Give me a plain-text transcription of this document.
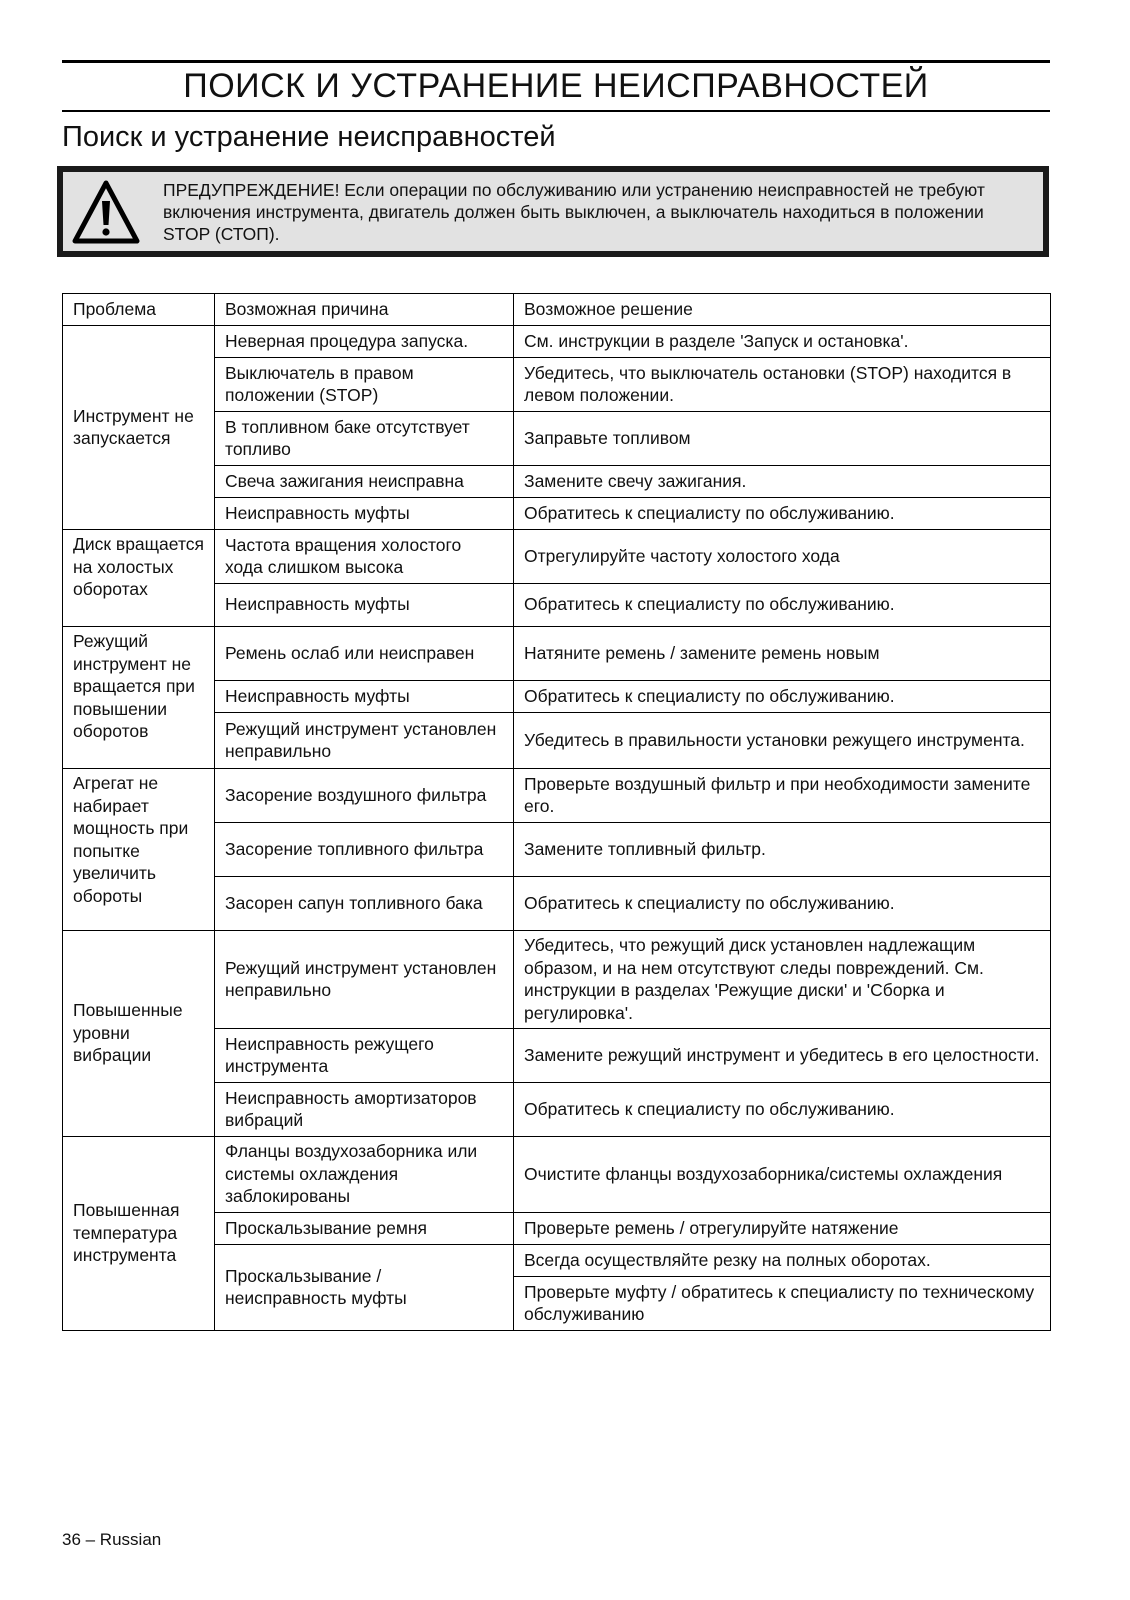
ПОИСК И УСТРАНЕНИЕ НЕИСПРАВНОСТЕЙ
Поиск и устранение неисправностей
ПРЕДУПРЕЖДЕНИЕ! Если операции по обслуживанию или устранению неисправностей не требуют включения инструмента, двигатель должен быть выключен, а выключатель находиться в положении STOP (СТОП).
Проблема	Возможная причина	Возможное решение
Инструмент не запускается	Неверная процедура запуска.	См. инструкции в разделе 'Запуск и остановка'.
	Выключатель в правом положении (STOP)	Убедитесь, что выключатель остановки (STOP) находится в левом положении.
	В топливном баке отсутствует топливо	Заправьте топливом
	Свеча зажигания неисправна	Замените свечу зажигания.
	Неисправность муфты	Обратитесь к специалисту по обслуживанию.
Диск вращается на холостых оборотах	Частота вращения холостого хода слишком высока	Отрегулируйте частоту холостого хода
	Неисправность муфты	Обратитесь к специалисту по обслуживанию.
Режущий инструмент не вращается при повышении оборотов	Ремень ослаб или неисправен	Натяните ремень / замените ремень новым
	Неисправность муфты	Обратитесь к специалисту по обслуживанию.
	Режущий инструмент установлен неправильно	Убедитесь в правильности установки режущего инструмента.
Агрегат не набирает мощность при попытке увеличить обороты	Засорение воздушного фильтра	Проверьте воздушный фильтр и при необходимости замените его.
	Засорение топливного фильтра	Замените топливный фильтр.
	Засорен сапун топливного бака	Обратитесь к специалисту по обслуживанию.
Повышенные уровни вибрации	Режущий инструмент установлен неправильно	Убедитесь, что режущий диск установлен надлежащим образом, и на нем отсутствуют следы повреждений. См. инструкции в разделах 'Режущие диски' и 'Сборка и регулировка'.
	Неисправность режущего инструмента	Замените режущий инструмент и убедитесь в его целостности.
	Неисправность амортизаторов вибраций	Обратитесь к специалисту по обслуживанию.
Повышенная температура инструмента	Фланцы воздухозаборника или системы охлаждения заблокированы	Очистите фланцы воздухозаборника/системы охлаждения
	Проскальзывание ремня	Проверьте ремень / отрегулируйте натяжение
	Проскальзывание / неисправность муфты	Всегда осуществляйте резку на полных оборотах.
		Проверьте муфту / обратитесь к специалисту по техническому обслуживанию
36 – Russian
